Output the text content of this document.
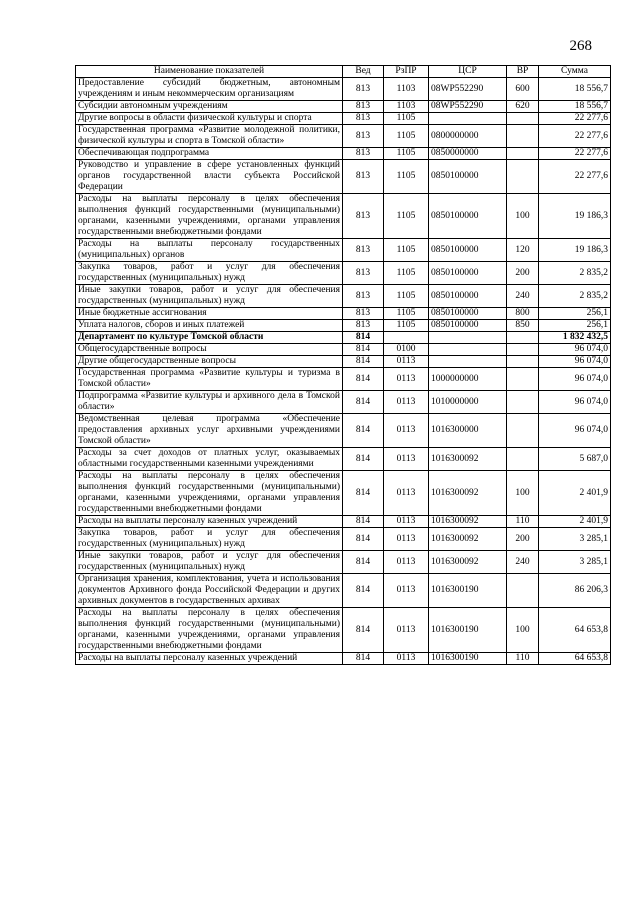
268
Наименование показателей	Вед	РзПР	ЦСР	ВР	Сумма
Предоставление субсидий бюджетным, автономным учреждениям и иным некоммерческим организациям	813	1103	08WP552290	600	18 556,7
Субсидии автономным учреждениям	813	1103	08WP552290	620	18 556,7
Другие вопросы в области физической культуры и спорта	813	1105			22 277,6
Государственная программа «Развитие молодежной политики, физической культуры и спорта в Томской области»	813	1105	0800000000		22 277,6
Обеспечивающая подпрограмма	813	1105	0850000000		22 277,6
Руководство и управление в сфере установленных функций органов государственной власти субъекта Российской Федерации	813	1105	0850100000		22 277,6
Расходы на выплаты персоналу в целях обеспечения выполнения функций государственными (муниципальными) органами, казенными учреждениями, органами управления государственными внебюджетными фондами	813	1105	0850100000	100	19 186,3
Расходы на выплаты персоналу государственных (муниципальных) органов	813	1105	0850100000	120	19 186,3
Закупка товаров, работ и услуг для обеспечения государственных (муниципальных) нужд	813	1105	0850100000	200	2 835,2
Иные закупки товаров, работ и услуг для обеспечения государственных (муниципальных) нужд	813	1105	0850100000	240	2 835,2
Иные бюджетные ассигнования	813	1105	0850100000	800	256,1
Уплата налогов, сборов и иных платежей	813	1105	0850100000	850	256,1
Департамент по культуре Томской области	814				1 832 432,5
Общегосударственные вопросы	814	0100			96 074,0
Другие общегосударственные вопросы	814	0113			96 074,0
Государственная программа «Развитие культуры и туризма в Томской области»	814	0113	1000000000		96 074,0
Подпрограмма «Развитие культуры и архивного дела в Томской области»	814	0113	1010000000		96 074,0
Ведомственная целевая программа «Обеспечение предоставления архивных услуг архивными учреждениями Томской области»	814	0113	1016300000		96 074,0
Расходы за счет доходов от платных услуг, оказываемых областными государственными казенными учреждениями	814	0113	1016300092		5 687,0
Расходы на выплаты персоналу в целях обеспечения выполнения функций государственными (муниципальными) органами, казенными учреждениями, органами управления государственными внебюджетными фондами	814	0113	1016300092	100	2 401,9
Расходы на выплаты персоналу казенных учреждений	814	0113	1016300092	110	2 401,9
Закупка товаров, работ и услуг для обеспечения государственных (муниципальных) нужд	814	0113	1016300092	200	3 285,1
Иные закупки товаров, работ и услуг для обеспечения государственных (муниципальных) нужд	814	0113	1016300092	240	3 285,1
Организация хранения, комплектования, учета и использования документов Архивного фонда Российской Федерации и других архивных документов в государственных архивах	814	0113	1016300190		86 206,3
Расходы на выплаты персоналу в целях обеспечения выполнения функций государственными (муниципальными) органами, казенными учреждениями, органами управления государственными внебюджетными фондами	814	0113	1016300190	100	64 653,8
Расходы на выплаты персоналу казенных учреждений	814	0113	1016300190	110	64 653,8
